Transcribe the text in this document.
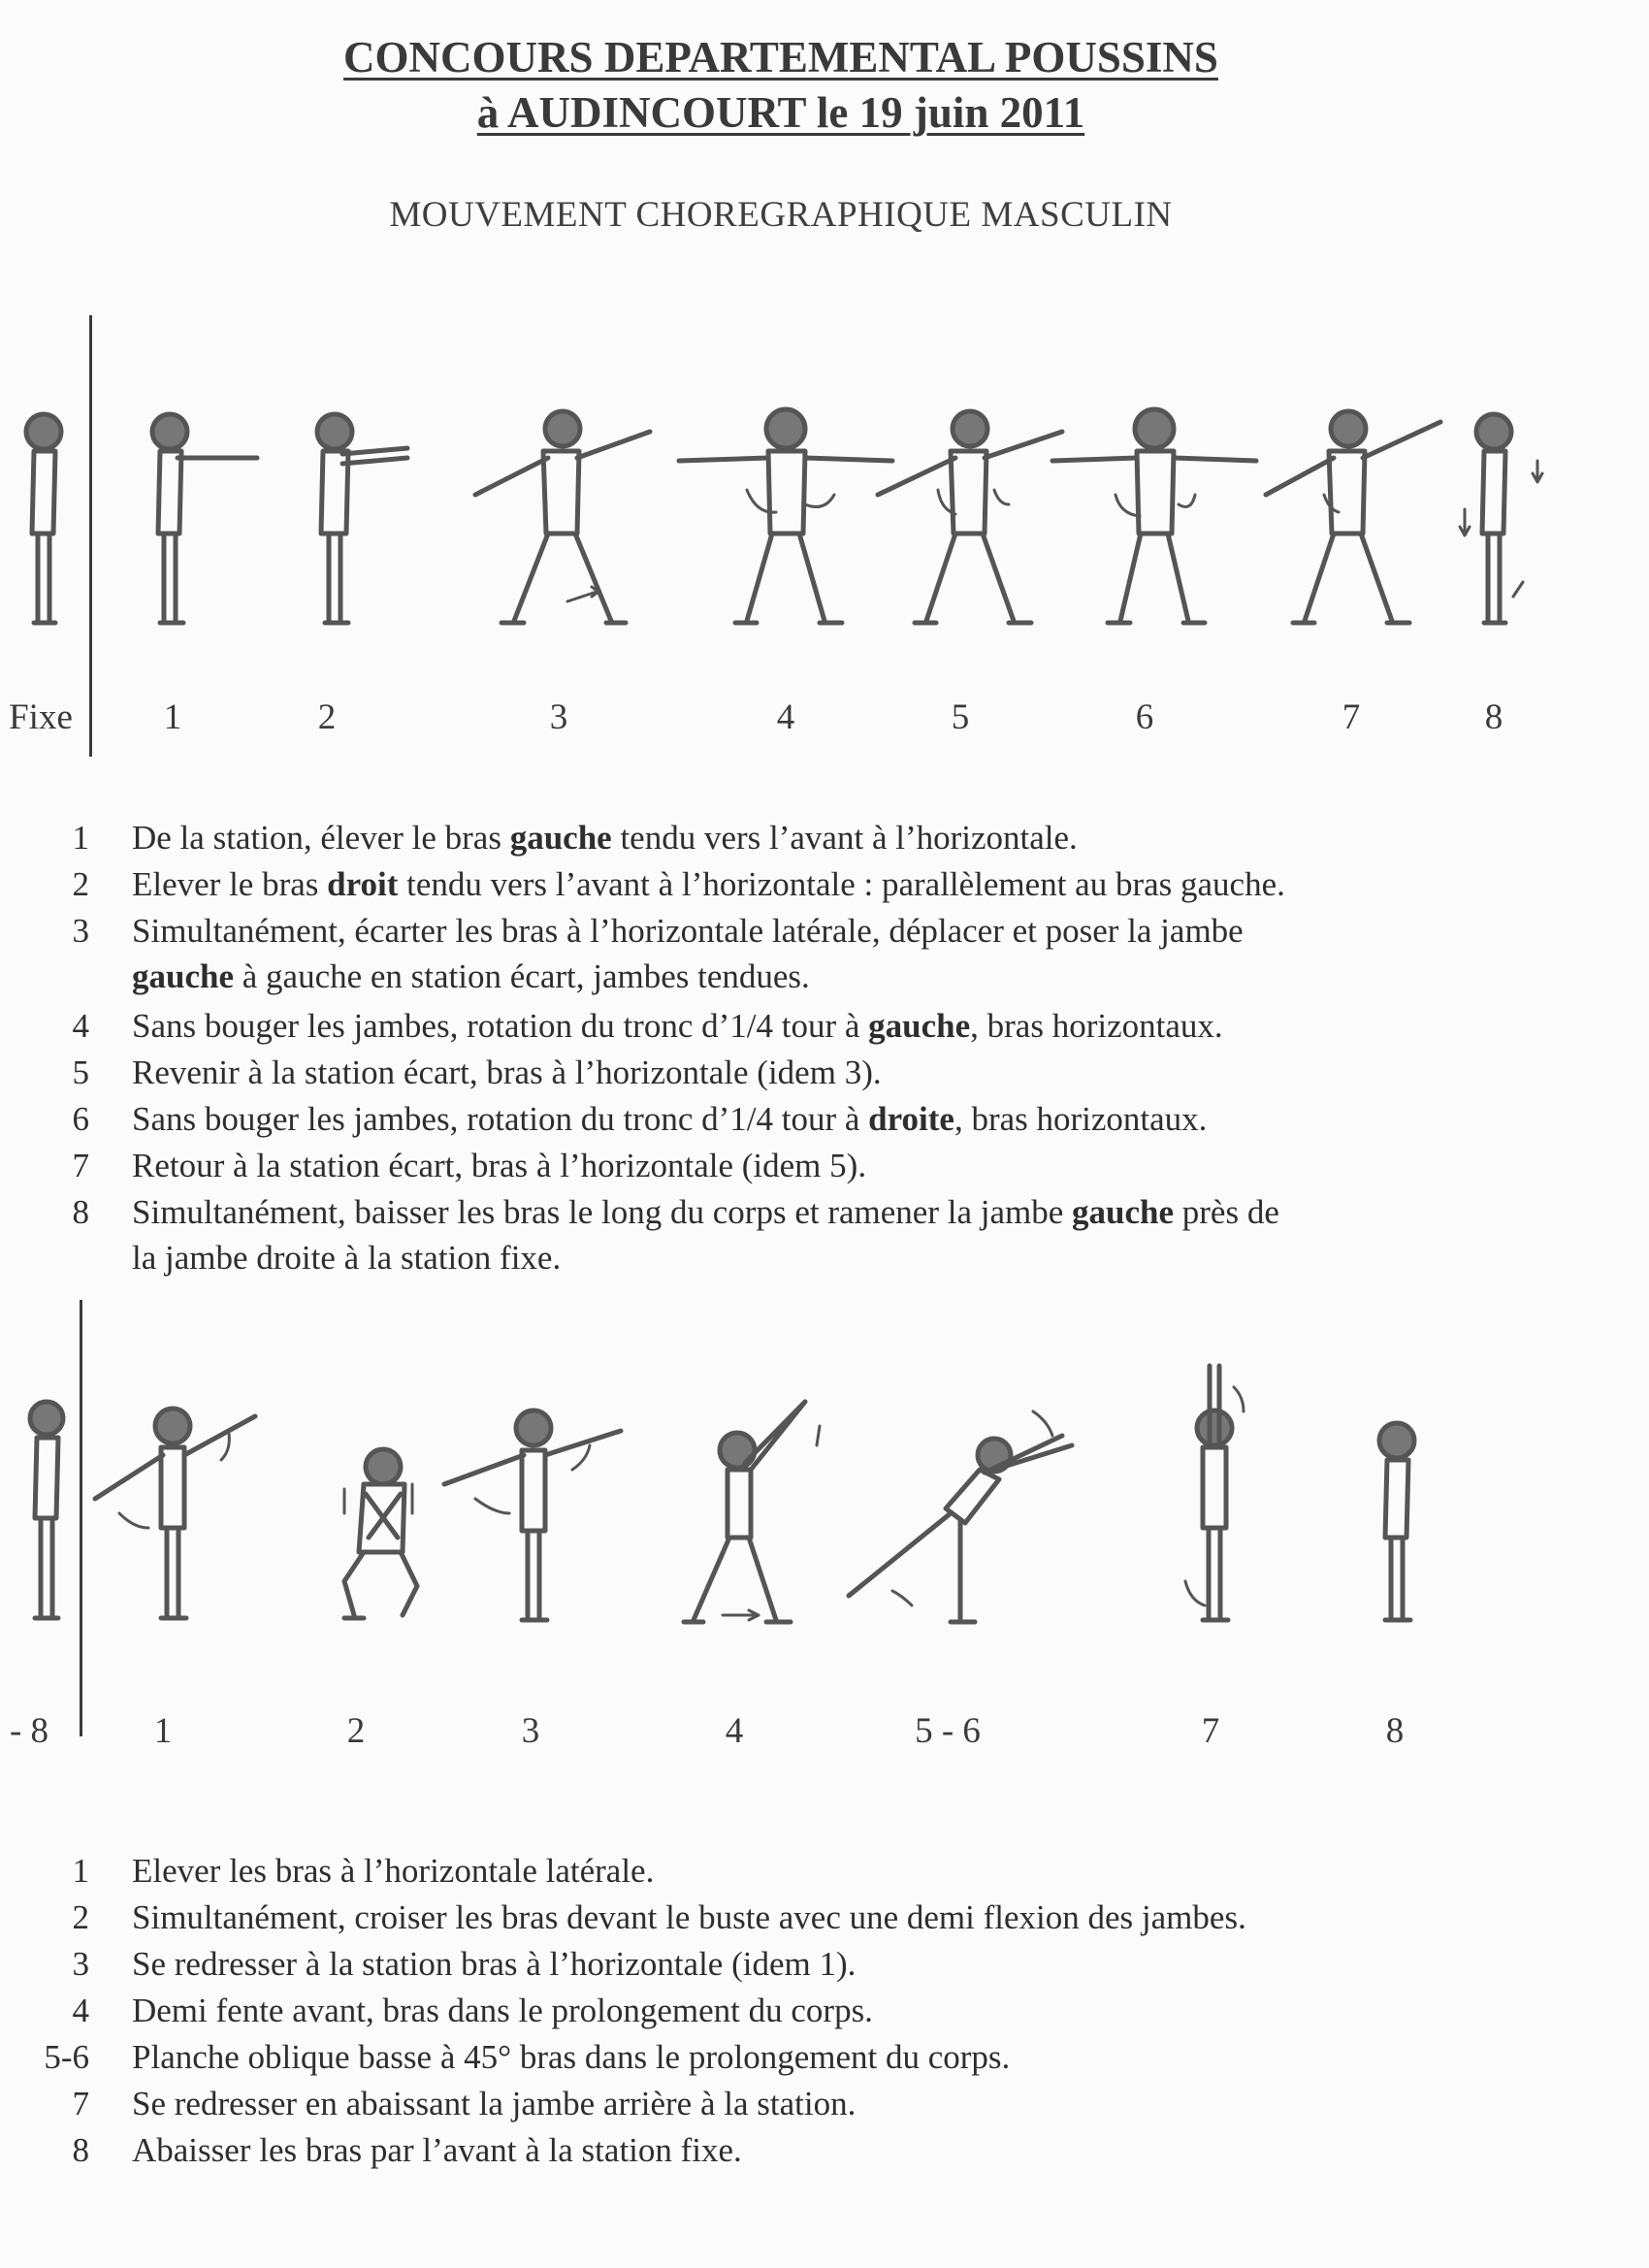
CONCOURS DEPARTEMENTAL POUSSINS
à AUDINCOURT le 19 juin 2011
MOUVEMENT CHOREGRAPHIQUE MASCULIN
Fixe	1	2	3	4	5	6	7	8
1 De la station, élever le bras gauche tendu vers l’avant à l’horizontale.
2 Elever le bras droit tendu vers l’avant à l’horizontale : parallèlement au bras gauche.
3 Simultanément, écarter les bras à l’horizontale latérale, déplacer et poser la jambe
gauche à gauche en station écart, jambes tendues.
4 Sans bouger les jambes, rotation du tronc d’1/4 tour à gauche, bras horizontaux.
5 Revenir à la station écart, bras à l’horizontale (idem 3).
6 Sans bouger les jambes, rotation du tronc d’1/4 tour à droite, bras horizontaux.
7 Retour à la station écart, bras à l’horizontale (idem 5).
8 Simultanément, baisser les bras le long du corps et ramener la jambe gauche près de
la jambe droite à la station fixe.
- 8	1	2	3	4	5 - 6	7	8
1 Elever les bras à l’horizontale latérale.
2 Simultanément, croiser les bras devant le buste avec une demi flexion des jambes.
3 Se redresser à la station bras à l’horizontale (idem 1).
4 Demi fente avant, bras dans le prolongement du corps.
5-6 Planche oblique basse à 45° bras dans le prolongement du corps.
7 Se redresser en abaissant la jambe arrière à la station.
8 Abaisser les bras par l’avant à la station fixe.
